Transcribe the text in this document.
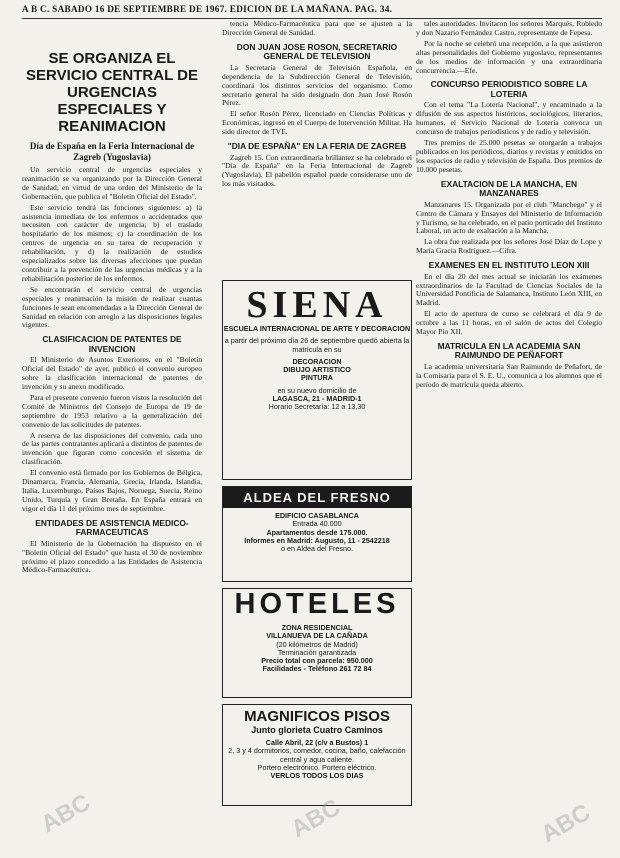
A B C. SABADO 16 DE SEPTIEMBRE DE 1967. EDICION DE LA MAÑANA. PAG. 34.
SE ORGANIZA EL SERVICIO CENTRAL DE URGENCIAS ESPECIALES Y REANIMACION
Día de España en la Feria Internacional de Zagreb (Yugoslavia)

Un servicio central de urgencias especiales y reanimación se va organizando por la Dirección General de Sanidad, en virtud de una orden del Ministerio de la Gobernación, que publica el "Boletín Oficial del Estado".

Este servicio tendrá las funciones siguientes: a) la asistencia inmediata de los enfermos o accidentados que necesiten con carácter de urgencia; b) el traslado hospitalario de los mismos; c) la coordinación de los centros de urgencia en su tarea de recuperación y rehabilitación, y d) la realización de estudios especializados sobre las diversas afecciones que puedan contribuir a la prevención de las urgencias médicas y a la rehabilitación posterior de los enfermos.

Se encontrarán el servicio central de urgencias especiales y reanimación la misión de realizar cuantas funciones le sean encomendadas a la Dirección General de Sanidad en relación con arreglo a las disposiciones legales vigentes.

CLASIFICACION DE PATENTES DE INVENCION

El Ministerio de Asuntos Exteriores, en el "Boletín Oficial del Estado" de ayer, publicó el convenio europeo sobre la clasificación internacional de patentes de invención y su anexo modificado.

Para el presente convenio fueron vistos la resolución del Comité de Ministros del Consejo de Europa de 19 de septiembre de 1953 relativo a la generalización del convenio de las solicitudes de patentes.

A reserva de las disposiciones del convenio, cada uno de las partes contratantes aplicará a distintos de patentes de invención que figuran como concesión el sistema de clasificación.

El convenio está firmado por los Gobiernos de Bélgica, Dinamarca, Francia, Alemania, Grecia, Irlanda, Islandia, Italia, Luxemburgo, Países Bajos, Noruega, Suecia, Reino Unido, Turquía y Gran Bretaña. En España entrará en vigor el día 11 del próximo mes de septiembre.

ENTIDADES DE ASISTENCIA MEDICO-FARMACEUTICAS

El Ministerio de la Gobernación ha dispuesto en el "Boletín Oficial del Estado" que hasta el 30 de noviembre próximo el plazo concedido a las Entidades de Asistencia Médico-Farmacéutica.

tencia Médico-Farmacéutica para que se ajusten a la Dirección General de Sanidad.

DON JUAN JOSE ROSON, SECRETARIO GENERAL DE TELEVISION

La Secretaría General de Televisión Española, en dependencia de la Subdirección General de Televisión, coordinará los distintos servicios del organismo. Como secretario general ha sido designado don Juan José Rosón Pérez.

El señor Rosón Pérez, licenciado en Ciencias Políticas y Económicas, ingresó en el Cuerpo de Intervención Militar. Ha sido director de TVE.

"DIA DE ESPAÑA" EN LA FERIA DE ZAGREB

Zagreb 15. Con extraordinaria brillantez se ha celebrado el "Día de España" en la Feria Internacional de Zagreb (Yugoslavia). El pabellón español puede considerarse uno de los más visitados.

SIENA
ESCUELA INTERNACIONAL DE ARTE Y DECORACION
a partir del próximo día 26 de septiembre quedó abierta la matrícula en su
DECORACION
DIBUJO ARTISTICO
PINTURA
en su nuevo domicilio de
LAGASCA, 21 - MADRID-1
Horario Secretaría: 12 a 13,30
ALDEA DEL FRESNO
EDIFICIO CASABLANCA
Entrada 40.000
Apartamentos desde 175.000.
Informes en Madrid: Augusto, 11 - 2542218
o en Aldea del Fresno.
HOTELES
ZONA RESIDENCIAL
VILLANUEVA DE LA CAÑADA
(20 kilómetros de Madrid)
Terminación garantizada
Precio total con parcela: 950.000
Facilidades - Teléfono 261 72 84
MAGNIFICOS PISOS
Junto glorieta Cuatro Caminos
Calle Abril, 22 (c/v a Bustos) 1
2, 3 y 4 dormitorios, comedor, cocina, baño, calefacción central y agua caliente.
Portero electrónico. Portero eléctrico.
VERLOS TODOS LOS DIAS

tales autoridades. Invitaron los señores Marqués, Robledo y don Nazario Fernández Castro, representante de Fepesa.

Por la noche se celebró una recepción, a la que asistieron altas personalidades del Gobierno yugoslavo, representantes de los medios de información y una extraordinaria concurrencia.—Efe.

CONCURSO PERIODISTICO SOBRE LA LOTERIA

Con el tema "La Lotería Nacional", y encaminado a la difusión de sus aspectos históricos, sociológicos, literarios, humanos, el Servicio Nacional de Lotería convoca un concurso de trabajos periodísticos y de radio y televisión.

Tres premios de 25.000 pesetas se otorgarán a trabajos publicados en los periódicos, diarios y revistas y emitidos en los espacios de radio y televisión de España. Dos premios de 10.000 pesetas.

EXALTACION DE LA MANCHA, EN MANZANARES

Manzanares 15. Organizada por el club "Manchego" y el Centro de Cámara y Ensayos del Ministerio de Información y Turismo, se ha celebrado, en el patio porticado del Instituto Laboral, un acto de exaltación a la Mancha.

La obra fue realizada por los señores José Díaz de Lope y María Gracia Rodríguez.—Cifra.

EXAMENES EN EL INSTITUTO LEON XIII

En el día 20 del mes actual se iniciarán los exámenes extraordinarios de la Facultad de Ciencias Sociales de la Universidad Pontificia de Salamanca, Instituto León XIII, en Madrid.

El acto de apertura de curso se celebrará el día 9 de octubre a las 11 horas, en el salón de actos del Colegio Mayor Pío XII.

MATRICULA EN LA ACADEMIA SAN RAIMUNDO DE PEÑAFORT

La academia universitaria San Raimundo de Peñafort, de la Comisaría para el S. E. U., comunica a los alumnos que el período de matrícula queda abierto.

ABC	ABC	ABC
